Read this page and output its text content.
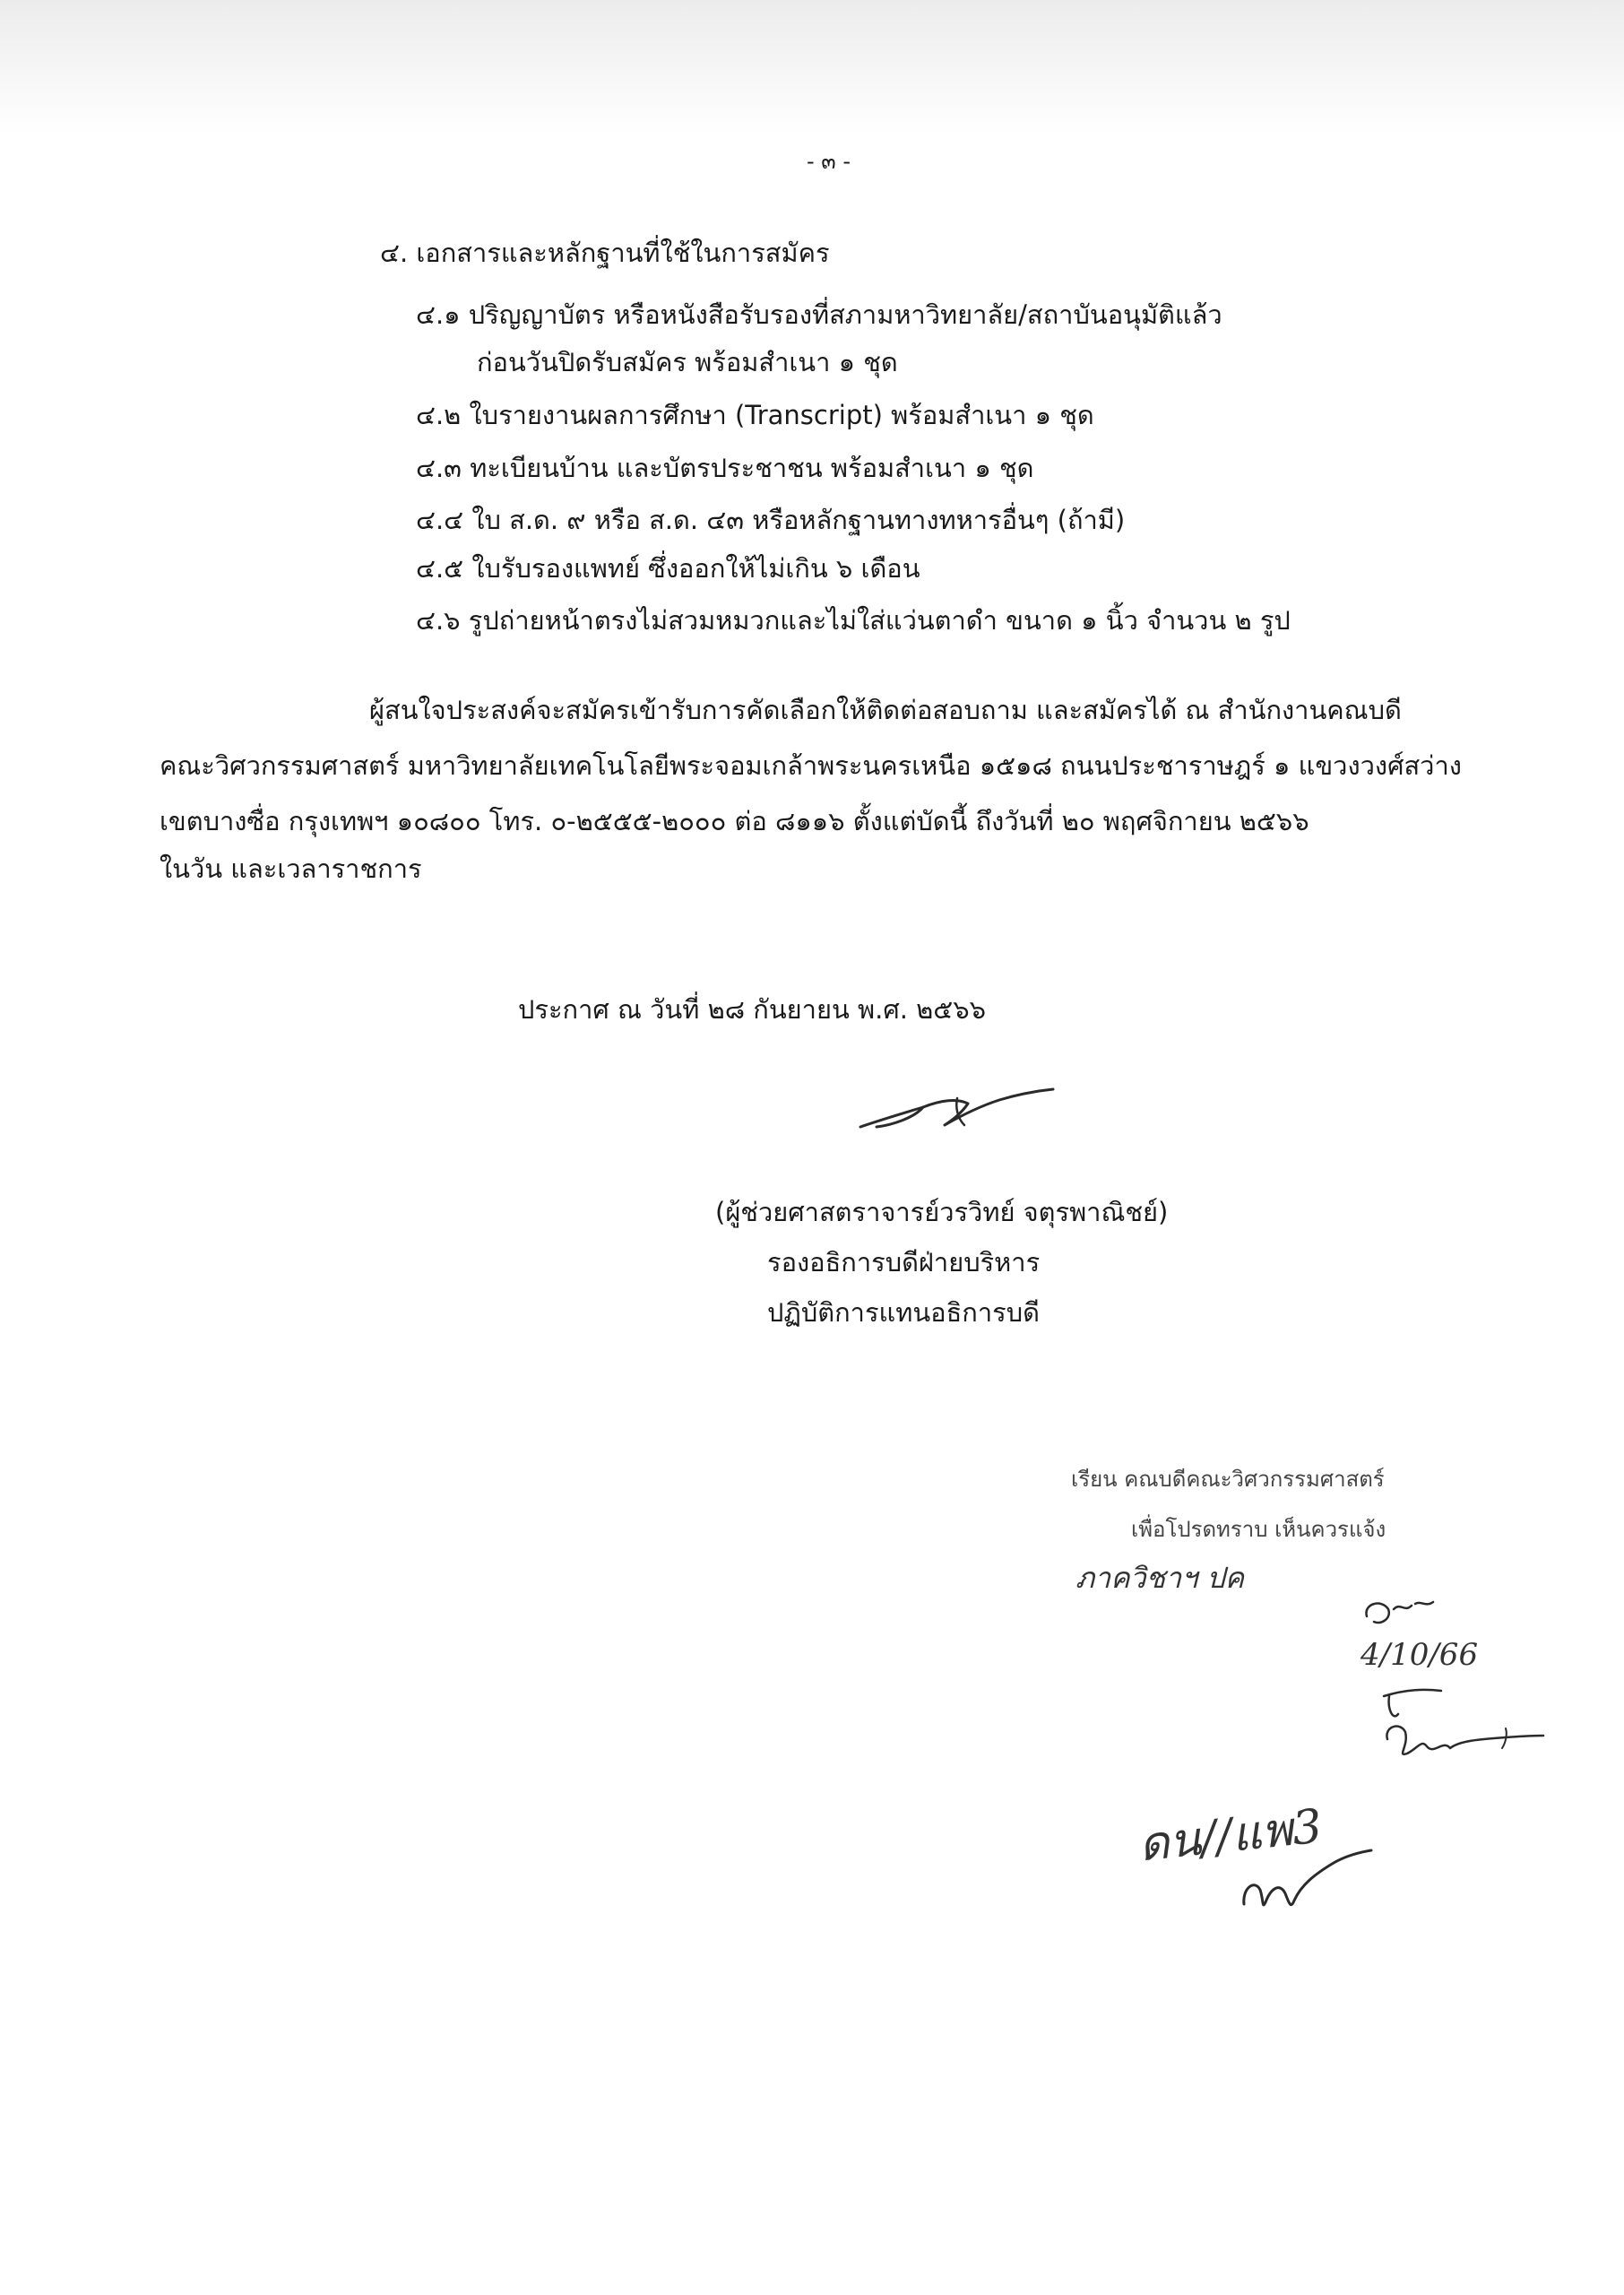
- ๓ -
๔. เอกสารและหลักฐานที่ใช้ในการสมัคร
๔.๑ ปริญญาบัตร หรือหนังสือรับรองที่สภามหาวิทยาลัย/สถาบันอนุมัติแล้ว
ก่อนวันปิดรับสมัคร พร้อมสำเนา ๑ ชุด
๔.๒ ใบรายงานผลการศึกษา (Transcript) พร้อมสำเนา ๑ ชุด
๔.๓ ทะเบียนบ้าน และบัตรประชาชน พร้อมสำเนา ๑ ชุด
๔.๔ ใบ ส.ด. ๙ หรือ ส.ด. ๔๓ หรือหลักฐานทางทหารอื่นๆ (ถ้ามี)
๔.๕ ใบรับรองแพทย์ ซึ่งออกให้ไม่เกิน ๖ เดือน
๔.๖ รูปถ่ายหน้าตรงไม่สวมหมวกและไม่ใส่แว่นตาดำ ขนาด ๑ นิ้ว จำนวน ๒ รูป
ผู้สนใจประสงค์จะสมัครเข้ารับการคัดเลือกให้ติดต่อสอบถาม และสมัครได้ ณ สำนักงานคณบดี
คณะวิศวกรรมศาสตร์ มหาวิทยาลัยเทคโนโลยีพระจอมเกล้าพระนครเหนือ ๑๕๑๘ ถนนประชาราษฎร์ ๑ แขวงวงศ์สว่าง
เขตบางซื่อ กรุงเทพฯ ๑๐๘๐๐ โทร. ๐-๒๕๕๕-๒๐๐๐ ต่อ ๘๑๑๖ ตั้งแต่บัดนี้ ถึงวันที่ ๒๐ พฤศจิกายน ๒๕๖๖
ในวัน และเวลาราชการ
ประกาศ ณ วันที่ ๒๘ กันยายน พ.ศ. ๒๕๖๖
(ผู้ช่วยศาสตราจารย์วรวิทย์ จตุรพาณิชย์)
รองอธิการบดีฝ่ายบริหาร
ปฏิบัติการแทนอธิการบดี
เรียน คณบดีคณะวิศวกรรมศาสตร์
เพื่อโปรดทราบ เห็นควรแจ้ง
ภาควิชาฯ ปค
4/10/66
ดน//แพ3
